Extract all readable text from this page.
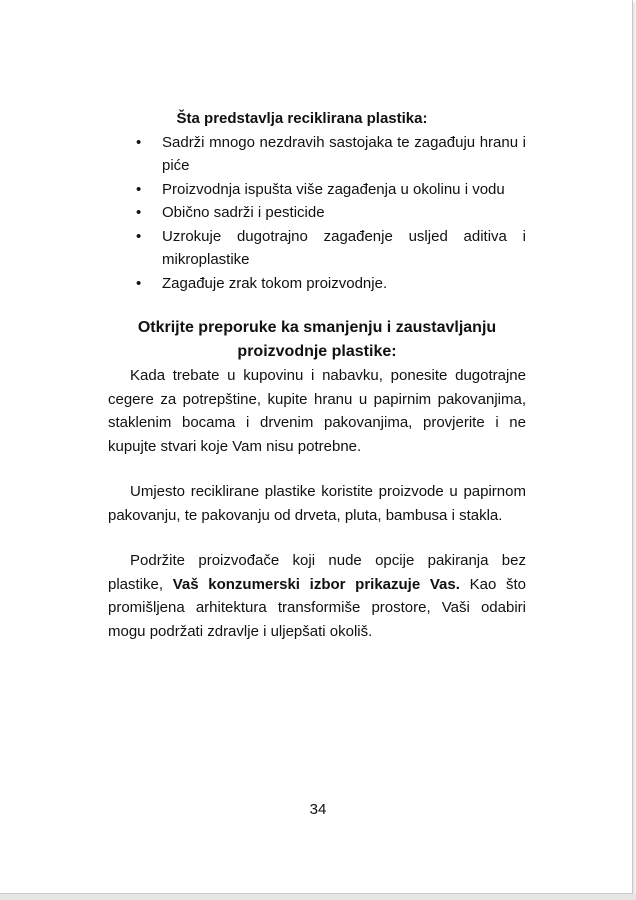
Šta predstavlja reciklirana plastika:

• Sadrži mnogo nezdravih sastojaka te zagađuju hranu i piće
• Proizvodnja ispušta više zagađenja u okolinu i vodu
• Obično sadrži i pesticide
• Uzrokuje dugotrajno zagađenje usljed aditiva i mikroplastike
• Zagađuje zrak tokom proizvodnje.

Otkrijte preporuke ka smanjenju i zaustavljanju
proizvodnje plastike:

Kada trebate u kupovinu i nabavku, ponesite dugotrajne cegere za potrepštine, kupite hranu u papirnim pakovanjima, staklenim bocama i drvenim pakovanjima, provjerite i ne kupujte stvari koje Vam nisu potrebne.

Umjesto reciklirane plastike koristite proizvode u papirnom pakovanju, te pakovanju od drveta, pluta, bambusa i stakla.

Podržite proizvođače koji nude opcije pakiranja bez plastike, Vaš konzumerski izbor prikazuje Vas. Kao što promišljena arhitektura transformiše prostore, Vaši odabiri mogu podržati zdravlje i uljepšati okoliš.

34
